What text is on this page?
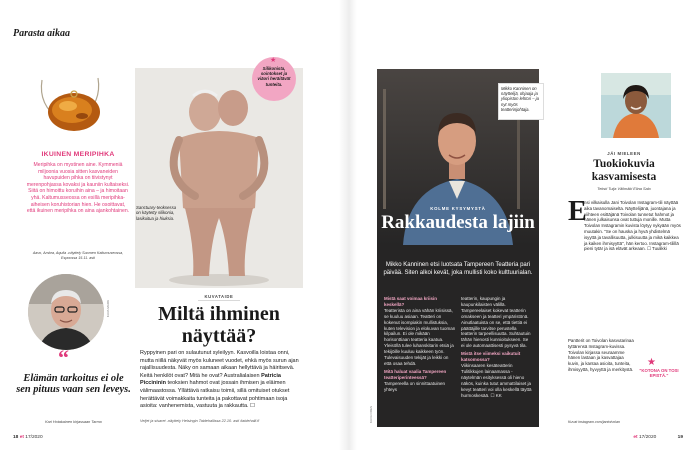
Parasta aikaa
IKUINEN MERIPIHKA
Meripihka on mystinen aine. Kymmeniä miljoonia vuosia sitten kasvaneiden havupuiden pihka on tiivistynyt merenpohjassa kovaksi ja kauniin kultaiseksi. Siitä on himoittu koruihin aina – ja himoitaan yhä. Kaltumusseossa on esillä meripihka-aiheisen koruhistorian hien. He osoittavat, että ikuinen meripihka on aina ajankohtainen.
Aavo, Ambra, Aquila -näyttely Suomen Kaltumuseossa, Espoossa 15.11. asti
KUVA MARK
“
Elämän tarkoitus ei ole sen pituus vaan sen leveys.
Kari Hotakainen kirjassaan Tarmo
Sanctuary-teoksessa on käytetty silikonia, lasikuitua ja hiuksia.
★
Silikonista, sointokset ja viäori heräitävät tunteita.
KUVATAIDE
Miltä ihminen näyttää?
Ryppyinen pari on sulautunut syleilyyn. Kasvoilla loistaa onni, mutta niillä näkyvät myös kuluneet vuodet, ehkä myös surun ajan rajallisuudesta. Näky on samaan aikaan hellyttävä ja häiritsevä. Keitä henkilöt ovat? Mitä he ovat? Australialaisen Patricia Piccininin teoksien hahmot ovat jossain ihmisen ja eläimen välimaastossa. Yllättävä ratkaisu toimii, sillä omituiset otukset herättävät voimakkaita tunteita ja pakottavat pohtimaan isoja asioita: vanhenemista, vastuuta ja rakkautta. ☐
Veljet ja sisaret -näyttely Helsingin Taidehallissa 22.10. asti /taidehalli.fi
Mikko Kanninen on näyttelijä, ohjaaja ja yliopiston lehtori – ja nyt myös teatterinjohtaja.
KOLME KYSYMYSTÄ
Rakkaudesta lajiin
Mikko Kanninen etsi luotsata Tampereen Teatteria pari päivää. Siten alkoi kevät, joka mullisti koko kulttuurialan.
Mistä saat voimaa kriisin keskellä?
Teatterista on aina vähän kriisissä, se kuuluu asiaan. Teatteri on kokenut isompiakin mullistuksia, kuten television ja elokuvan tuoman kilpailun. Ei ole mikään horisonttiaan teatteria kaatua. Yleisöllä tulee luhanskitarin etsiä ja tekijöille kuuluu kaikkeen työn. Tulevaisuuden tekijät ja leikki on että osaa tehdä.
Mitä haluat vaalia Tampereen teatteriperinteessä?
Tampereella on sinnittaatuinen yhteys
teatterin, kaupungin ja kaupunkilaisten välillä. Tampereelaiset kokevat teatterin omakseen ja teatteri ympäristönä. Ainutlaatuista on se, että tiettiä ei päättäjille tarvitse perustella teatterin tarpeellisuutta. Suhtautuin tähän hienosti kunnioitukseen. Se ei ole automaattisesti pysyvä tila.
Mistä itse viimeksi vaikutuit katsomossa?
Viikinsaaren kesäteatterin Tulitikkujen lainaamassa -näytelmän esityksessä oli hieno näkös, kuinka tutut ammattilaiset ja kevyt teatteri voi olla keskellä täyttä hurmoskesää. ☐ KK
KUVA ORES
JÄI MIELEEN
Tuokiokuvia kasvamisesta
Teksti Tuija Välimäki Elina Salo
E
nsi vilkaisulla Jani Toivolan Instagram-tili näyttää aika tavanomaiselta. Näyttelijänä, juontajana ja viihteen esittäjänä Toivolan tunnetut hahmot ja hänen julkaisunsa ovat tuttuja monille. Mutta Toivolan Instagramin kuvista löytyy nykyään myös muutakin. "Se on hauska ja hyvä yhdistelmä isyyttä ja tavallisuutta, julkisuutta ja mikä kaikkea ja kaiken ihmisyyttä", hän kertoo. Instagram-tilillä pieni tytär ja isä elävät arkeaan. ☐ Tuulikki
Pantterit on Toivolan kasvutarinaa tyttärensä Instagram-kuvissa. Toivolan kirjassa seuraamme hänen lastaan ja kasvattajaa kuvin, ja kantaa asioita, tunteita, ihmisyyttä, hyvyyttä ja merkitystä.
★
"KOTONA ON TOSI EPISTÄ."
Kuvat instagram.com/jantoivolan
18 et 17/2020	et 17/2020	19
